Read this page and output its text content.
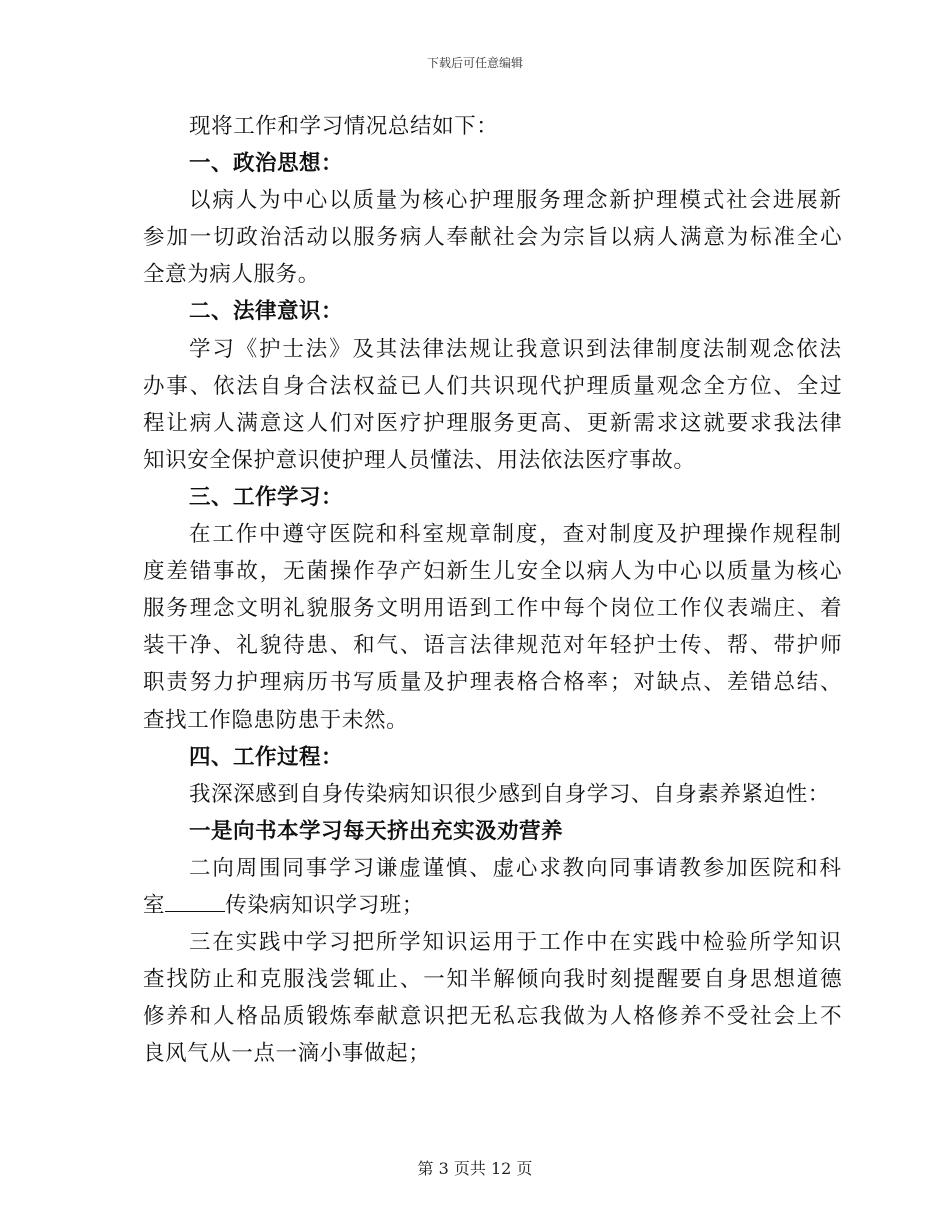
下载后可任意编辑
现将工作和学习情况总结如下：
一、政治思想：
以病人为中心以质量为核心护理服务理念新护理模式社会进展新
参加一切政治活动以服务病人奉献社会为宗旨以病人满意为标准全心
全意为病人服务。
二、法律意识：
学习《护士法》及其法律法规让我意识到法律制度法制观念依法
办事、依法自身合法权益已人们共识现代护理质量观念全方位、全过
程让病人满意这人们对医疗护理服务更高、更新需求这就要求我法律
知识安全保护意识使护理人员懂法、用法依法医疗事故。
三、工作学习：
在工作中遵守医院和科室规章制度，查对制度及护理操作规程制
度差错事故，无菌操作孕产妇新生儿安全以病人为中心以质量为核心
服务理念文明礼貌服务文明用语到工作中每个岗位工作仪表端庄、着
装干净、礼貌待患、和气、语言法律规范对年轻护士传、帮、带护师
职责努力护理病历书写质量及护理表格合格率；对缺点、差错总结、
查找工作隐患防患于未然。
四、工作过程：
我深深感到自身传染病知识很少感到自身学习、自身素养紧迫性：
一是向书本学习每天挤出充实汲劝营养
二向周围同事学习谦虚谨慎、虚心求教向同事请教参加医院和科
室	传染病知识学习班；
三在实践中学习把所学知识运用于工作中在实践中检验所学知识
查找防止和克服浅尝辄止、一知半解倾向我时刻提醒要自身思想道德
修养和人格品质锻炼奉献意识把无私忘我做为人格修养不受社会上不
良风气从一点一滴小事做起；
第 3 页共 12 页
